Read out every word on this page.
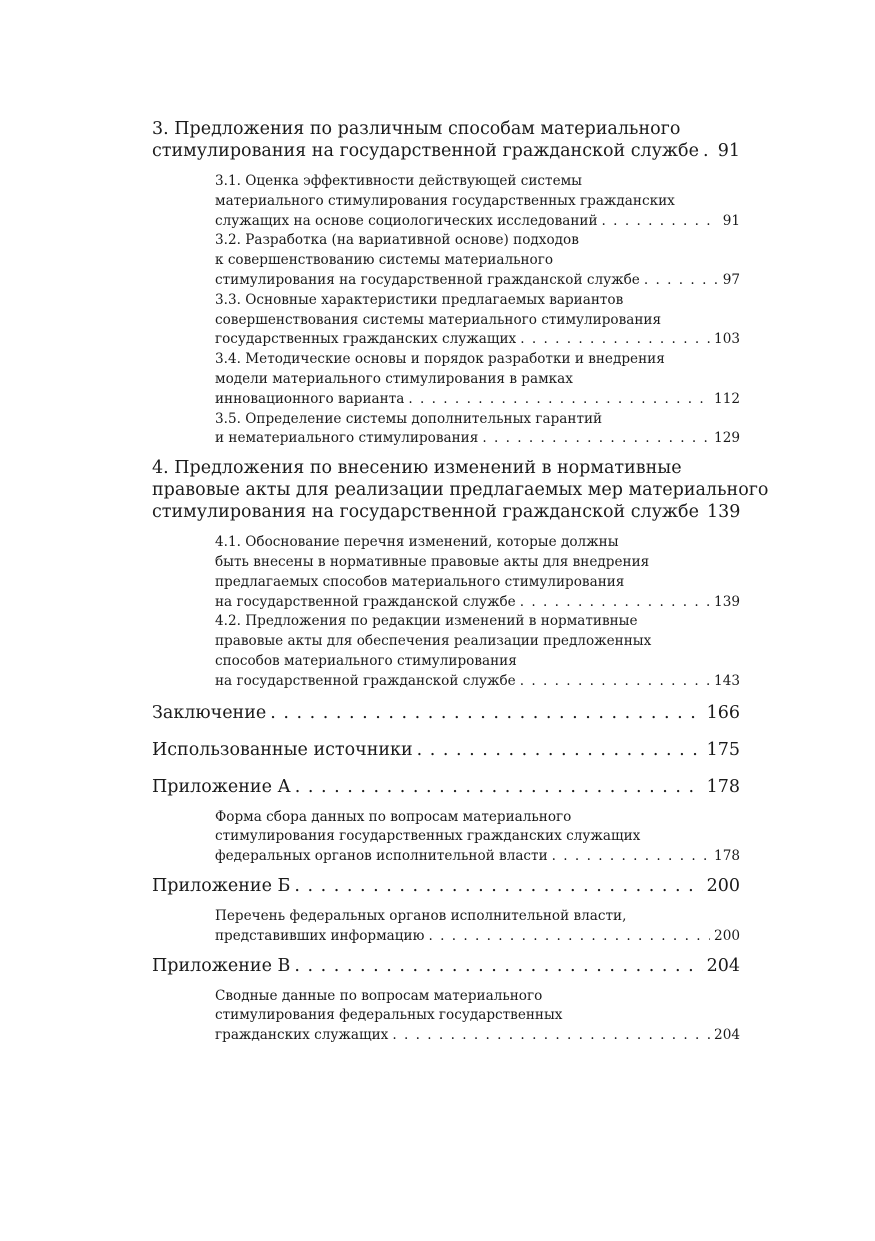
3. Предложения по различным способам материального
стимулирования на государственной гражданской службе . . . 91
3.1. Оценка эффективности действующей системы
материального стимулирования государственных гражданских
служащих на основе социологических исследований . . .	91
3.2. Разработка (на вариативной основе) подходов
к совершенствованию системы материального
стимулирования на государственной гражданской службе . . .	97
3.3. Основные характеристики предлагаемых вариантов
совершенствования системы материального стимулирования
государственных гражданских служащих . . .	103
3.4. Методические основы и порядок разработки и внедрения
модели материального стимулирования в рамках
инновационного варианта . . .	112
3.5. Определение системы дополнительных гарантий
и нематериального стимулирования . . .	129
4. Предложения по внесению изменений в нормативные
правовые акты для реализации предлагаемых мер материального
стимулирования на государственной гражданской службе 139
4.1. Обоснование перечня изменений, которые должны
быть внесены в нормативные правовые акты для внедрения
предлагаемых способов материального стимулирования
на государственной гражданской службе . . .	139
4.2. Предложения по редакции изменений в нормативные
правовые акты для обеспечения реализации предложенных
способов материального стимулирования
на государственной гражданской службе . . .	143
Заключение . . .	166
Использованные источники . . .	175
Приложение А . . .	178
Форма сбора данных по вопросам материального
стимулирования государственных гражданских служащих
федеральных органов исполнительной власти . . .	178
Приложение Б . . .	200
Перечень федеральных органов исполнительной власти,
представивших информацию . . .	200
Приложение В . . .	204
Сводные данные по вопросам материального
стимулирования федеральных государственных
гражданских служащих . . .	204
